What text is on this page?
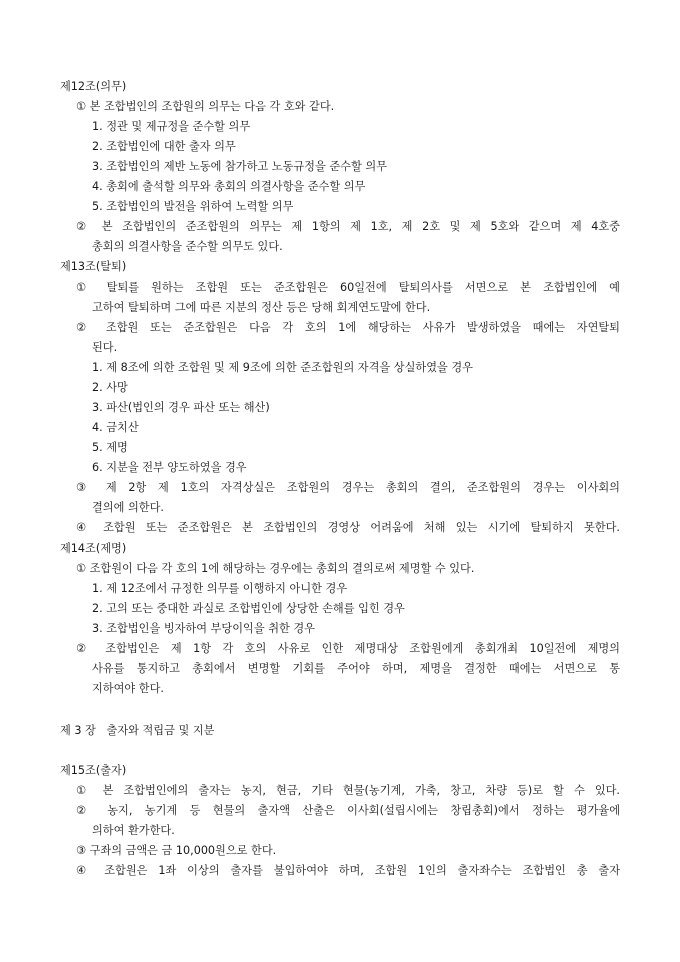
제12조(의무)
① 본 조합법인의 조합원의 의무는 다음 각 호와 같다.
1. 정관 및 제규정을 준수할 의무
2. 조합법인에 대한 출자 의무
3. 조합법인의 제반 노동에 참가하고 노동규정을 준수할 의무
4. 총회에 출석할 의무와 총회의 의결사항을 준수할 의무
5. 조합법인의 발전을 위하여 노력할 의무
② 본 조합법인의 준조합원의 의무는 제 1항의 제 1호, 제 2호 및 제 5호와 같으며 제 4호중
총회의 의결사항을 준수할 의무도 있다.
제13조(탈퇴)
① 탈퇴를 원하는 조합원 또는 준조합원은 60일전에 탈퇴의사를 서면으로 본 조합법인에 예
고하여 탈퇴하며 그에 따른 지분의 정산 등은 당해 회계연도말에 한다.
② 조합원 또는 준조합원은 다음 각 호의 1에 해당하는 사유가 발생하였을 때에는 자연탈퇴
된다.
1. 제 8조에 의한 조합원 및 제 9조에 의한 준조합원의 자격을 상실하였을 경우
2. 사망
3. 파산(법인의 경우 파산 또는 해산)
4. 금치산
5. 제명
6. 지분을 전부 양도하였을 경우
③ 제 2항 제 1호의 자격상실은 조합원의 경우는 총회의 결의, 준조합원의 경우는 이사회의
결의에 의한다.
④ 조합원 또는 준조합원은 본 조합법인의 경영상 어려움에 처해 있는 시기에 탈퇴하지 못한다.
제14조(제명)
① 조합원이 다음 각 호의 1에 해당하는 경우에는 총회의 결의로써 제명할 수 있다.
1. 제 12조에서 규정한 의무를 이행하지 아니한 경우
2. 고의 또는 중대한 과실로 조합법인에 상당한 손해를 입힌 경우
3. 조합법인을 빙자하여 부당이익을 취한 경우
② 조합법인은 제 1항 각 호의 사유로 인한 제명대상 조합원에게 총회개최 10일전에 제명의
사유를 통지하고 총회에서 변명할 기회를 주어야 하며, 제명을 결정한 때에는 서면으로 통
지하여야 한다.
제 3 장   출자와 적립금 및 지분
제15조(출자)
① 본 조합법인에의 출자는 농지, 현금, 기타 현물(농기계, 가축, 창고, 차량 등)로 할 수 있다.
② 농지, 농기계 등 현물의 출자액 산출은 이사회(설립시에는 창립총회)에서 정하는 평가율에
의하여 환가한다.
③ 구좌의 금액은 금 10,000원으로 한다.
④ 조합원은 1좌 이상의 출자를 불입하여야 하며, 조합원 1인의 출자좌수는 조합법인 총 출자
